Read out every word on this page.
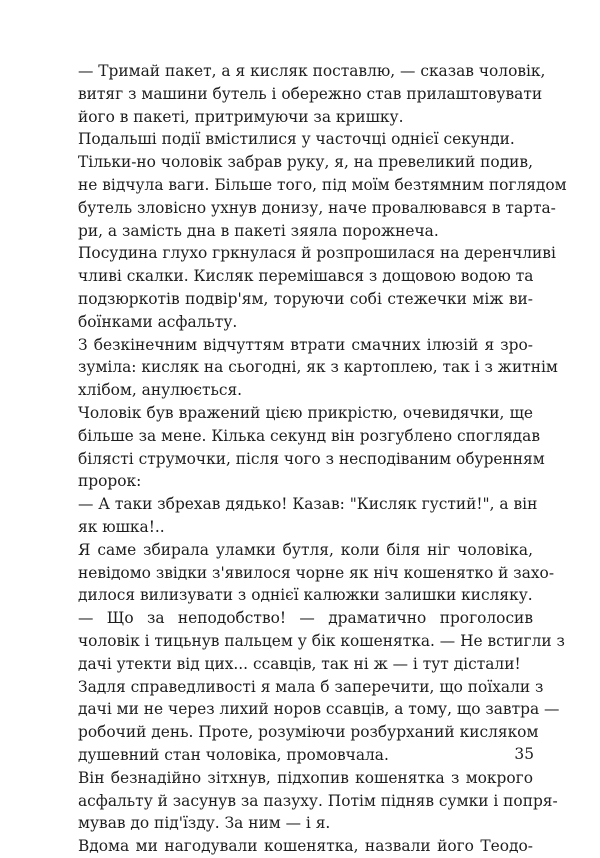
— Тримай пакет, а я кисляк поставлю, — сказав чоловік,
витяг з машини бутель і обережно став прилаштовувати
його в пакеті, притримуючи за кришку.
Подальші події вмістилися у часточці однієї секунди.
Тільки-но чоловік забрав руку, я, на превеликий подив,
не відчула ваги. Більше того, під моїм безтямним поглядом
бутель зловісно ухнув донизу, наче провалювався в тарта-
ри, а замість дна в пакеті зяяла порожнеча.
Посудина глухо гркнулася й розпрошилася на деренчливі
чливі скалки. Кисляк перемішався з дощовою водою та
подзюркотів подвір'ям, торуючи собі стежечки між ви-
боїнками асфальту.
З безкінечним відчуттям втрати смачних ілюзій я зро-
зуміла: кисляк на сьогодні, як з картоплею, так і з житнім
хлібом, анулюється.
Чоловік був вражений цією прикрістю, очевидячки, ще
більше за мене. Кілька секунд він розгублено споглядав
білясті струмочки, після чого з несподіваним обуренням
пророк:
— А таки збрехав дядько! Казав: "Кисляк густий!", а він
як юшка!..
Я саме збирала уламки бутля, коли біля ніг чоловіка,
невідомо звідки з'явилося чорне як ніч кошенятко й захо-
дилося вилизувати з однієї калюжки залишки кисляку.
— Що за неподобство! — драматично проголосив
чоловік і тицьнув пальцем у бік кошенятка. — Не встигли з
дачі утекти від цих... ссавців, так ні ж — і тут дістали!
Задля справедливості я мала б заперечити, що поїхали з
дачі ми не через лихий норов ссавців, а тому, що завтра —
робочий день. Проте, розуміючи розбурханий кисляком
душевний стан чоловіка, промовчала.
Він безнадійно зітхнув, підхопив кошенятка з мокрого
асфальту й засунув за пазуху. Потім підняв сумки і попря-
мував до під'їзду. За ним — і я.
Вдома ми нагодували кошенятка, назвали його Теодо-
35
